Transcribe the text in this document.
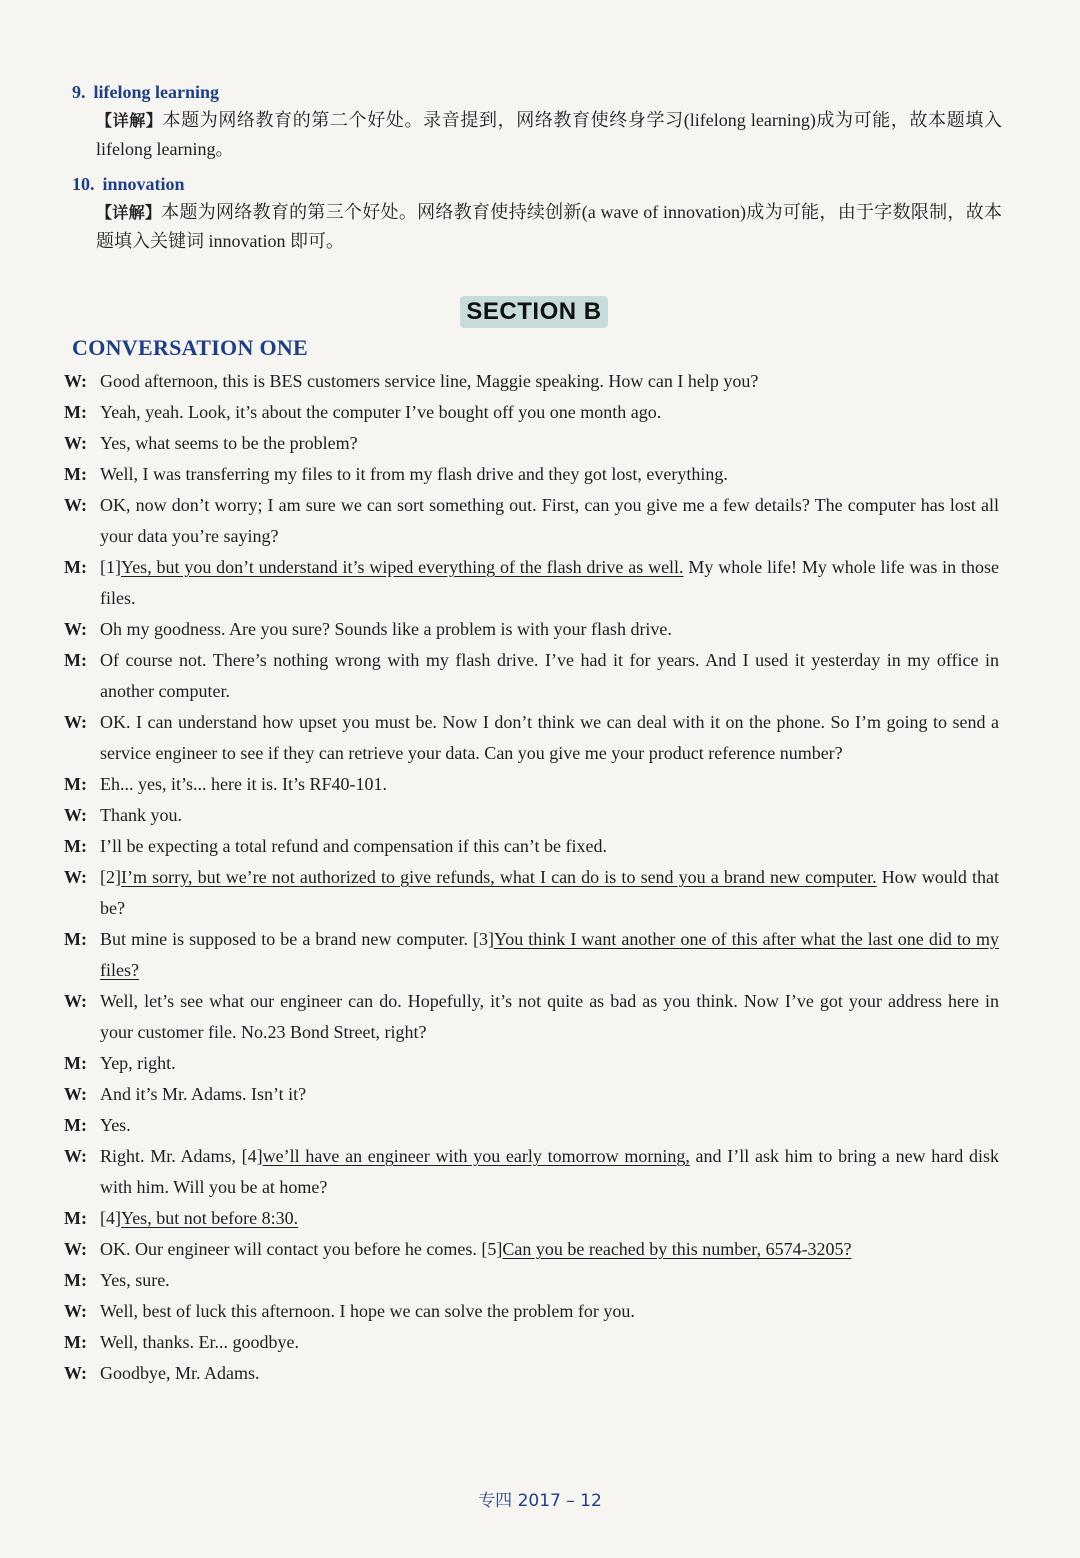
9. lifelong learning
【详解】本题为网络教育的第二个好处。录音提到，网络教育使终身学习(lifelong learning)成为可能，故本题填入lifelong learning。
10. innovation
【详解】本题为网络教育的第三个好处。网络教育使持续创新(a wave of innovation)成为可能，由于字数限制，故本题填入关键词 innovation 即可。
SECTION B
CONVERSATION ONE
W: Good afternoon, this is BES customers service line, Maggie speaking. How can I help you?
M: Yeah, yeah. Look, it’s about the computer I’ve bought off you one month ago.
W: Yes, what seems to be the problem?
M: Well, I was transferring my files to it from my flash drive and they got lost, everything.
W: OK, now don’t worry; I am sure we can sort something out. First, can you give me a few details? The computer has lost all your data you’re saying?
M: [1]Yes, but you don’t understand it’s wiped everything of the flash drive as well. My whole life! My whole life was in those files.
W: Oh my goodness. Are you sure? Sounds like a problem is with your flash drive.
M: Of course not. There’s nothing wrong with my flash drive. I’ve had it for years. And I used it yesterday in my office in another computer.
W: OK. I can understand how upset you must be. Now I don’t think we can deal with it on the phone. So I’m going to send a service engineer to see if they can retrieve your data. Can you give me your product reference number?
M: Eh... yes, it’s... here it is. It’s RF40-101.
W: Thank you.
M: I’ll be expecting a total refund and compensation if this can’t be fixed.
W: [2]I’m sorry, but we’re not authorized to give refunds, what I can do is to send you a brand new computer. How would that be?
M: But mine is supposed to be a brand new computer. [3]You think I want another one of this after what the last one did to my files?
W: Well, let’s see what our engineer can do. Hopefully, it’s not quite as bad as you think. Now I’ve got your address here in your customer file. No.23 Bond Street, right?
M: Yep, right.
W: And it’s Mr. Adams. Isn’t it?
M: Yes.
W: Right. Mr. Adams, [4]we’ll have an engineer with you early tomorrow morning, and I’ll ask him to bring a new hard disk with him. Will you be at home?
M: [4]Yes, but not before 8:30.
W: OK. Our engineer will contact you before he comes. [5]Can you be reached by this number, 6574-3205?
M: Yes, sure.
W: Well, best of luck this afternoon. I hope we can solve the problem for you.
M: Well, thanks. Er... goodbye.
W: Goodbye, Mr. Adams.
专四 2017 – 12
